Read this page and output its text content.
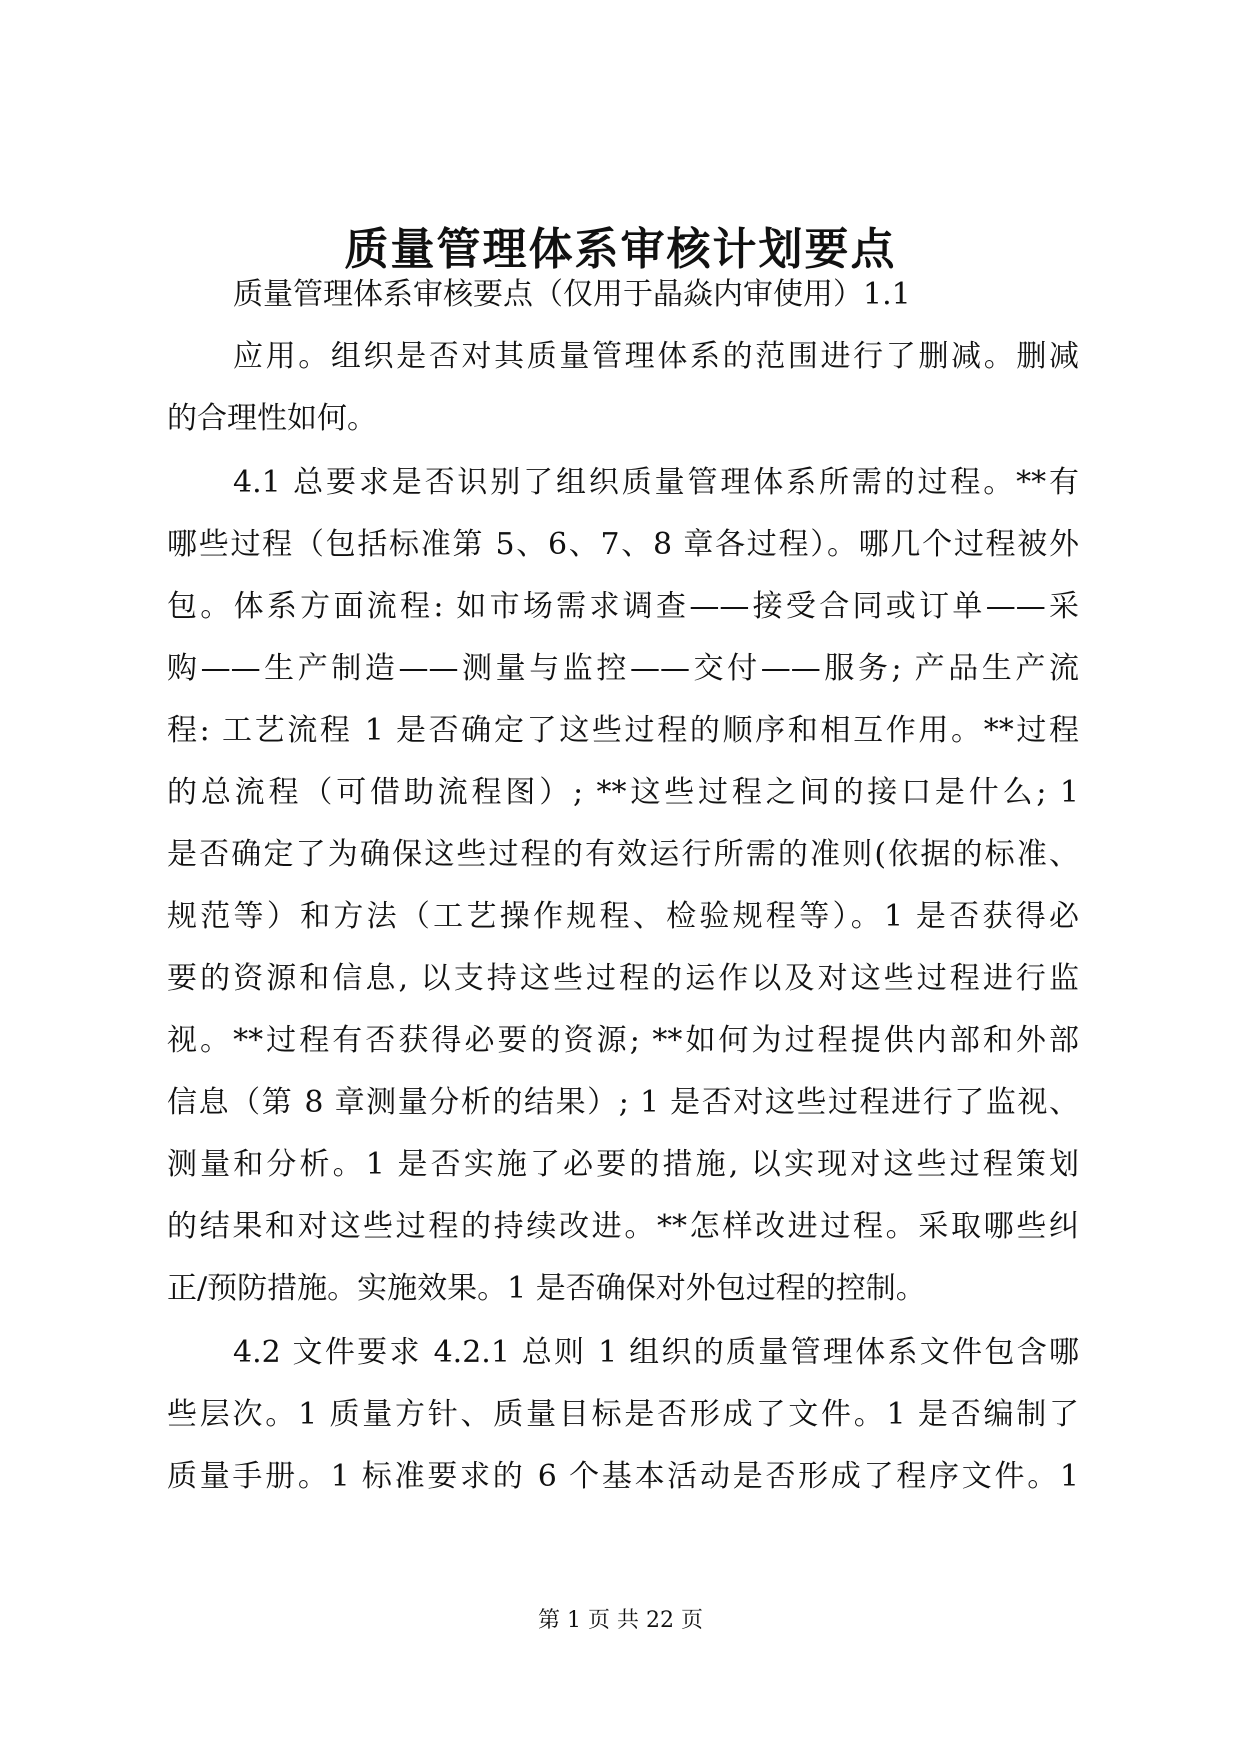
质量管理体系审核计划要点
质量管理体系审核要点（仅用于晶焱内审使用）1.1
应用。组织是否对其质量管理体系的范围进行了删减。删减
的合理性如何。
4.1 总要求是否识别了组织质量管理体系所需的过程。**有
哪些过程（包括标准第 5、6、7、8 章各过程）。哪几个过程被外
包。体系方面流程: 如市场需求调查——接受合同或订单——采
购——生产制造——测量与监控——交付——服务; 产品生产流
程: 工艺流程 1 是否确定了这些过程的顺序和相互作用。**过程
的总流程（可借助流程图）; **这些过程之间的接口是什么; 1
是否确定了为确保这些过程的有效运行所需的准则(依据的标准、
规范等）和方法（工艺操作规程、检验规程等）。1 是否获得必
要的资源和信息, 以支持这些过程的运作以及对这些过程进行监
视。**过程有否获得必要的资源; **如何为过程提供内部和外部
信息（第 8 章测量分析的结果）; 1 是否对这些过程进行了监视、
测量和分析。1 是否实施了必要的措施, 以实现对这些过程策划
的结果和对这些过程的持续改进。**怎样改进过程。采取哪些纠
正/预防措施。实施效果。1 是否确保对外包过程的控制。
4.2 文件要求 4.2.1 总则 1 组织的质量管理体系文件包含哪
些层次。1 质量方针、质量目标是否形成了文件。1 是否编制了
质量手册。1 标准要求的 6 个基本活动是否形成了程序文件。1
第 1 页 共 22 页
